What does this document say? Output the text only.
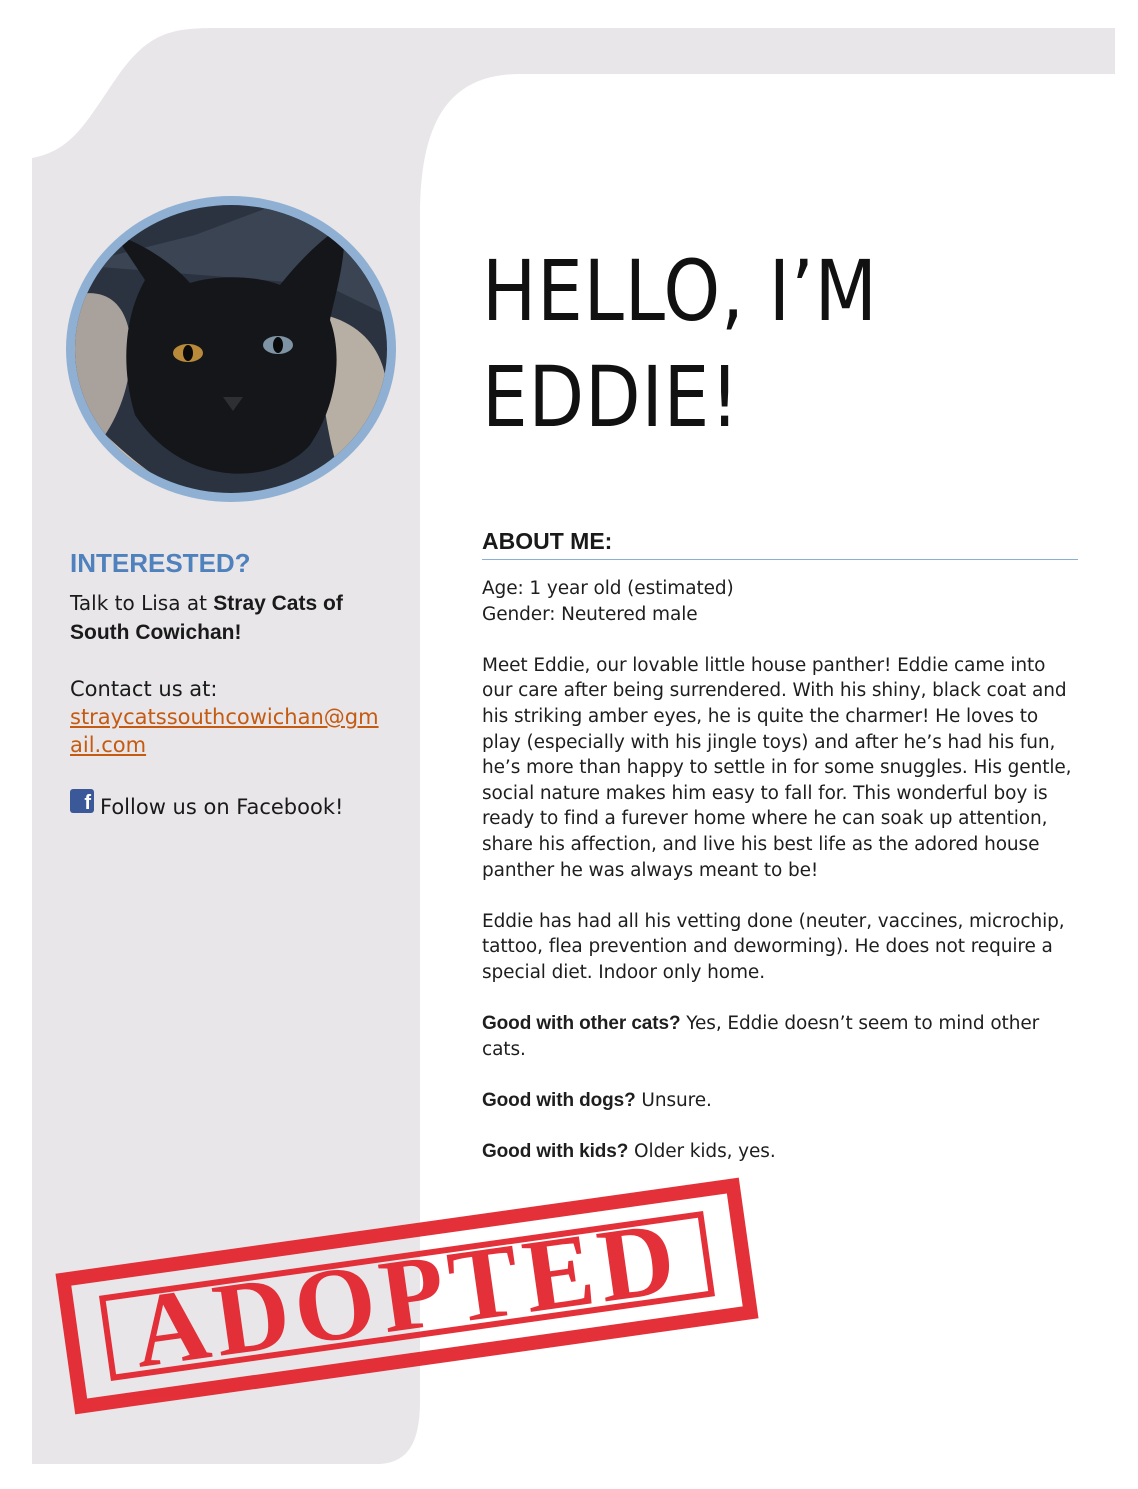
INTERESTED?

Talk to Lisa at Stray Cats of South Cowichan!

Contact us at:

straycatssouthcowichan@gmail.com
f Follow us on Facebook!
HELLO, I’M
EDDIE!
ABOUT ME:

Age: 1 year old (estimated)

Gender: Neutered male

Meet Eddie, our lovable little house panther! Eddie came into our care after being surrendered. With his shiny, black coat and his striking amber eyes, he is quite the charmer! He loves to play (especially with his jingle toys) and after he’s had his fun, he’s more than happy to settle in for some snuggles. His gentle, social nature makes him easy to fall for. This wonderful boy is ready to find a furever home where he can soak up attention, share his affection, and live his best life as the adored house panther he was always meant to be!

Eddie has had all his vetting done (neuter, vaccines, microchip, tattoo, flea prevention and deworming). He does not require a special diet. Indoor only home.

Good with other cats? Yes, Eddie doesn’t seem to mind other cats.

Good with dogs? Unsure.

Good with kids? Older kids, yes.

ADOPTED
